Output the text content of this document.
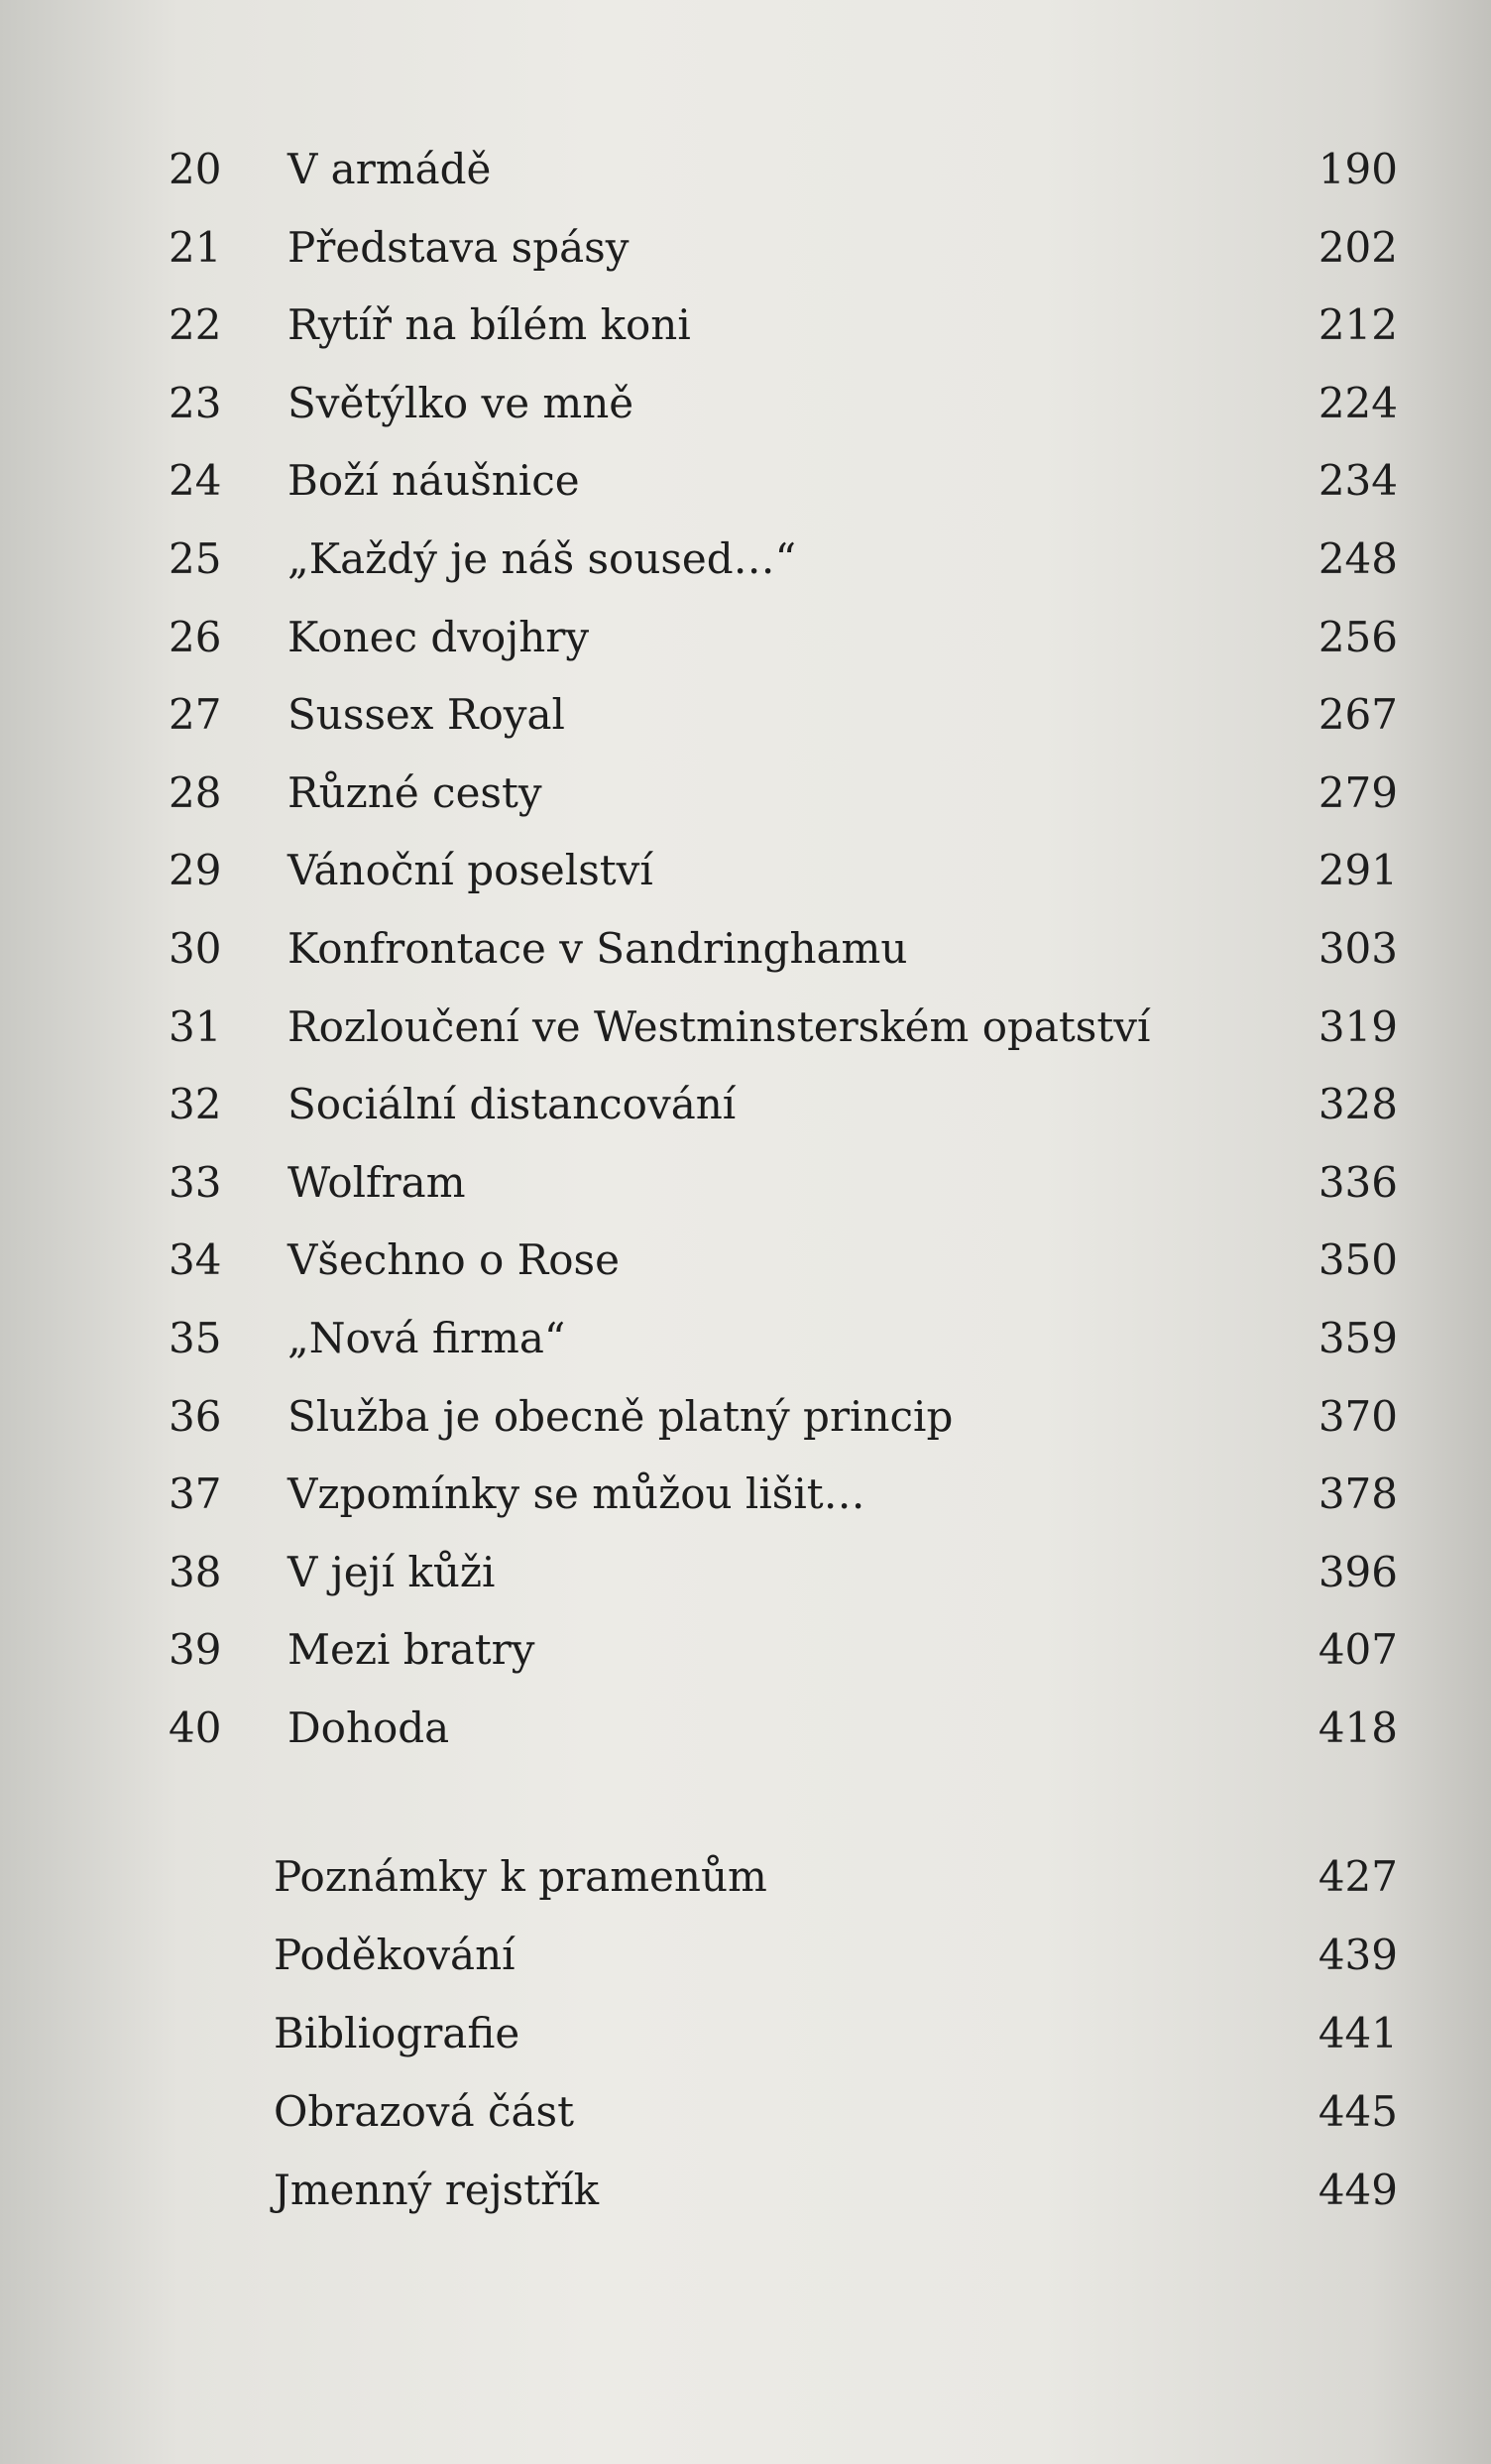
20	V armádě	190
21	Představa spásy	202
22	Rytíř na bílém koni	212
23	Světýlko ve mně	224
24	Boží náušnice	234
25	„Každý je náš soused…“	248
26	Konec dvojhry	256
27	Sussex Royal	267
28	Různé cesty	279
29	Vánoční poselství	291
30	Konfrontace v Sandringhamu	303
31	Rozloučení ve Westminsterském opatství	319
32	Sociální distancování	328
33	Wolfram	336
34	Všechno o Rose	350
35	„Nová firma“	359
36	Služba je obecně platný princip	370
37	Vzpomínky se můžou lišit…	378
38	V její kůži	396
39	Mezi bratry	407
40	Dohoda	418
Poznámky k pramenům	427
Poděkování	439
Bibliografie	441
Obrazová část	445
Jmenný rejstřík	449
